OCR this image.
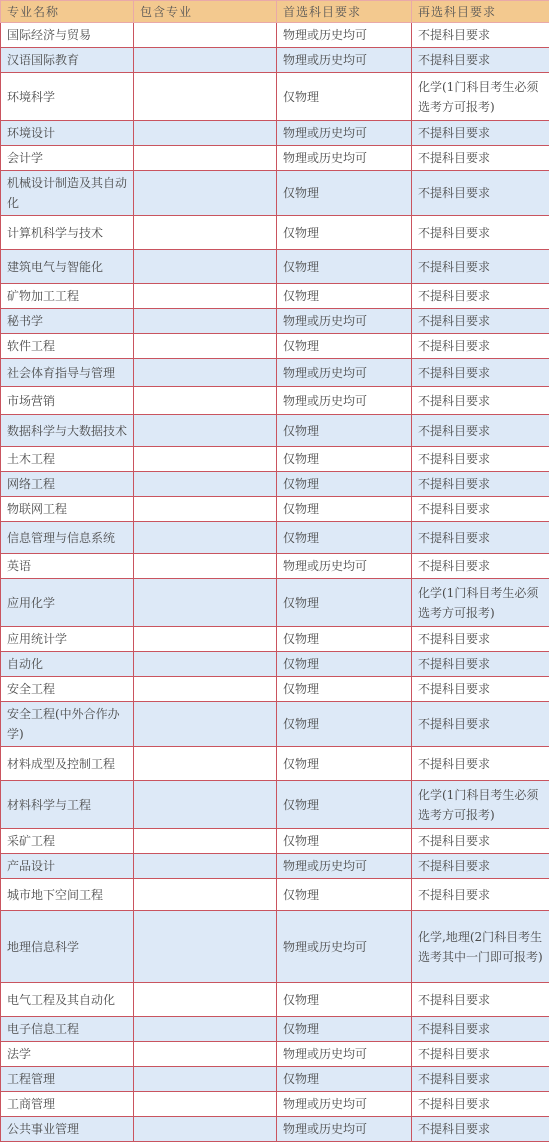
专业名称	包含专业	首选科目要求	再选科目要求
国际经济与贸易		物理或历史均可	不提科目要求
汉语国际教育		物理或历史均可	不提科目要求
环境科学		仅物理	化学(1门科目考生必须选考方可报考)
环境设计		物理或历史均可	不提科目要求
会计学		物理或历史均可	不提科目要求
机械设计制造及其自动化		仅物理	不提科目要求
计算机科学与技术		仅物理	不提科目要求
建筑电气与智能化		仅物理	不提科目要求
矿物加工工程		仅物理	不提科目要求
秘书学		物理或历史均可	不提科目要求
软件工程		仅物理	不提科目要求
社会体育指导与管理		物理或历史均可	不提科目要求
市场营销		物理或历史均可	不提科目要求
数据科学与大数据技术		仅物理	不提科目要求
土木工程		仅物理	不提科目要求
网络工程		仅物理	不提科目要求
物联网工程		仅物理	不提科目要求
信息管理与信息系统		仅物理	不提科目要求
英语		物理或历史均可	不提科目要求
应用化学		仅物理	化学(1门科目考生必须选考方可报考)
应用统计学		仅物理	不提科目要求
自动化		仅物理	不提科目要求
安全工程		仅物理	不提科目要求
安全工程(中外合作办学)		仅物理	不提科目要求
材料成型及控制工程		仅物理	不提科目要求
材料科学与工程		仅物理	化学(1门科目考生必须选考方可报考)
采矿工程		仅物理	不提科目要求
产品设计		物理或历史均可	不提科目要求
城市地下空间工程		仅物理	不提科目要求
地理信息科学		物理或历史均可	化学,地理(2门科目考生选考其中一门即可报考)
电气工程及其自动化		仅物理	不提科目要求
电子信息工程		仅物理	不提科目要求
法学		物理或历史均可	不提科目要求
工程管理		仅物理	不提科目要求
工商管理		物理或历史均可	不提科目要求
公共事业管理		物理或历史均可	不提科目要求
